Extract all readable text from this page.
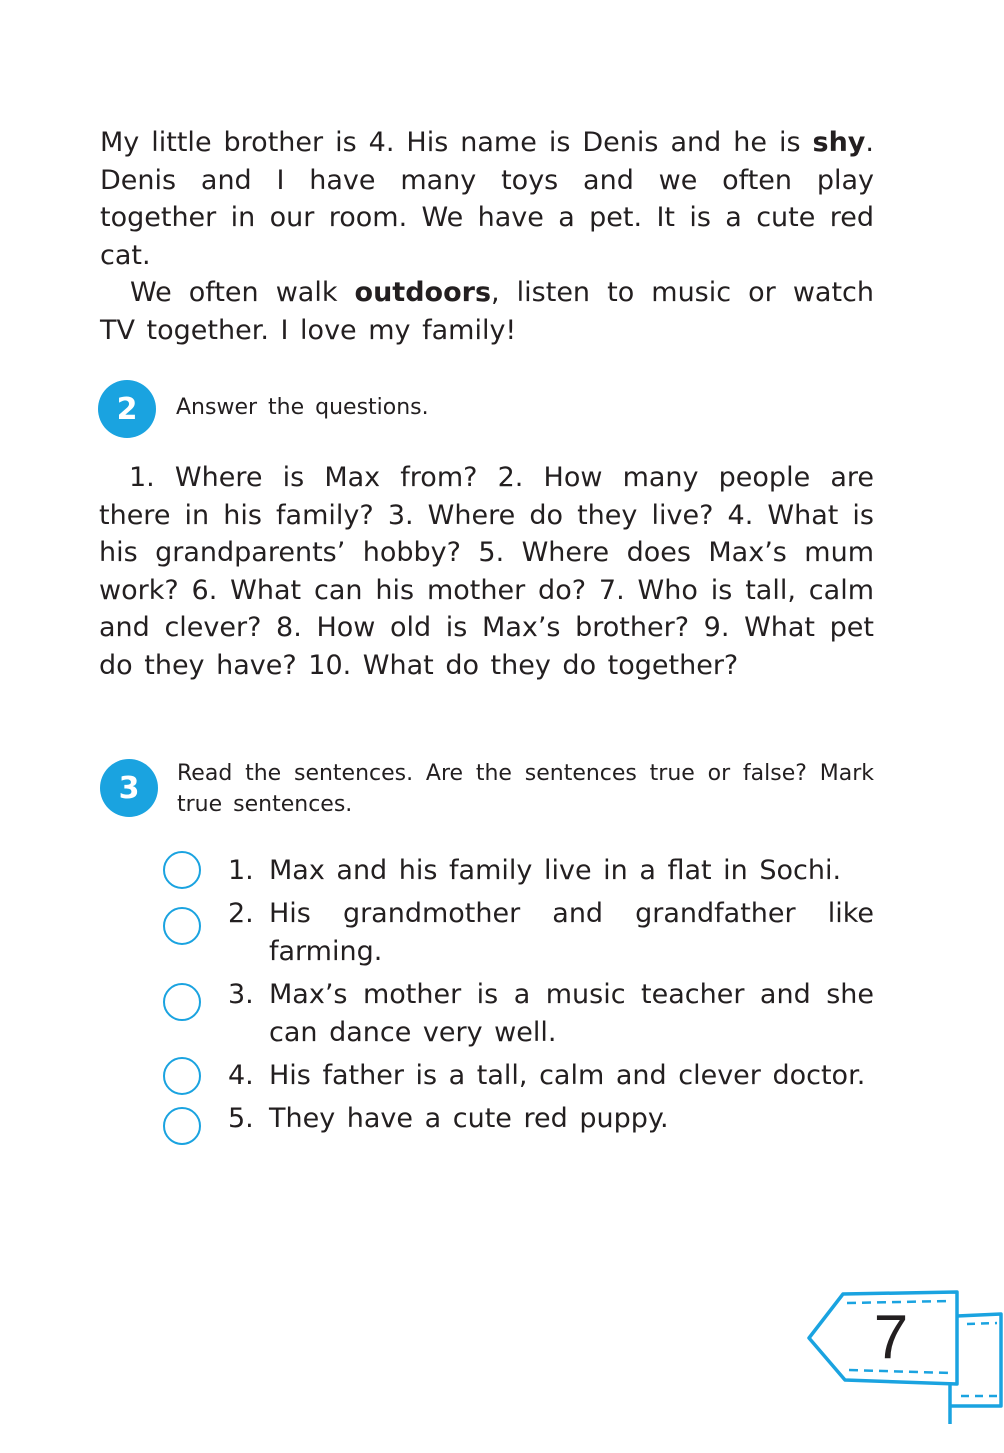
My little brother is 4. His name is Denis and he is shy. Denis and I have many toys and we often play together in our room. We have a pet. It is a cute red cat.

We often walk outdoors, listen to music or watch TV together. I love my family!

2	Answer the questions.

1. Where is Max from? 2. How many people are there in his family? 3. Where do they live? 4. What is his grandparents’ hobby? 5. Where does Max’s mum work? 6. What can his mother do? 7. Who is tall, calm and clever? 8. How old is Max’s brother? 9. What pet do they have? 10. What do they do together?

3	Read the sentences. Are the sentences true or false? Mark true sentences.

1. Max and his family live in a flat in Sochi.

2. His grandmother and grandfather like farming.

3. Max’s mother is a music teacher and she can dance very well.

4. His father is a tall, calm and clever doctor.

5. They have a cute red puppy.

7
